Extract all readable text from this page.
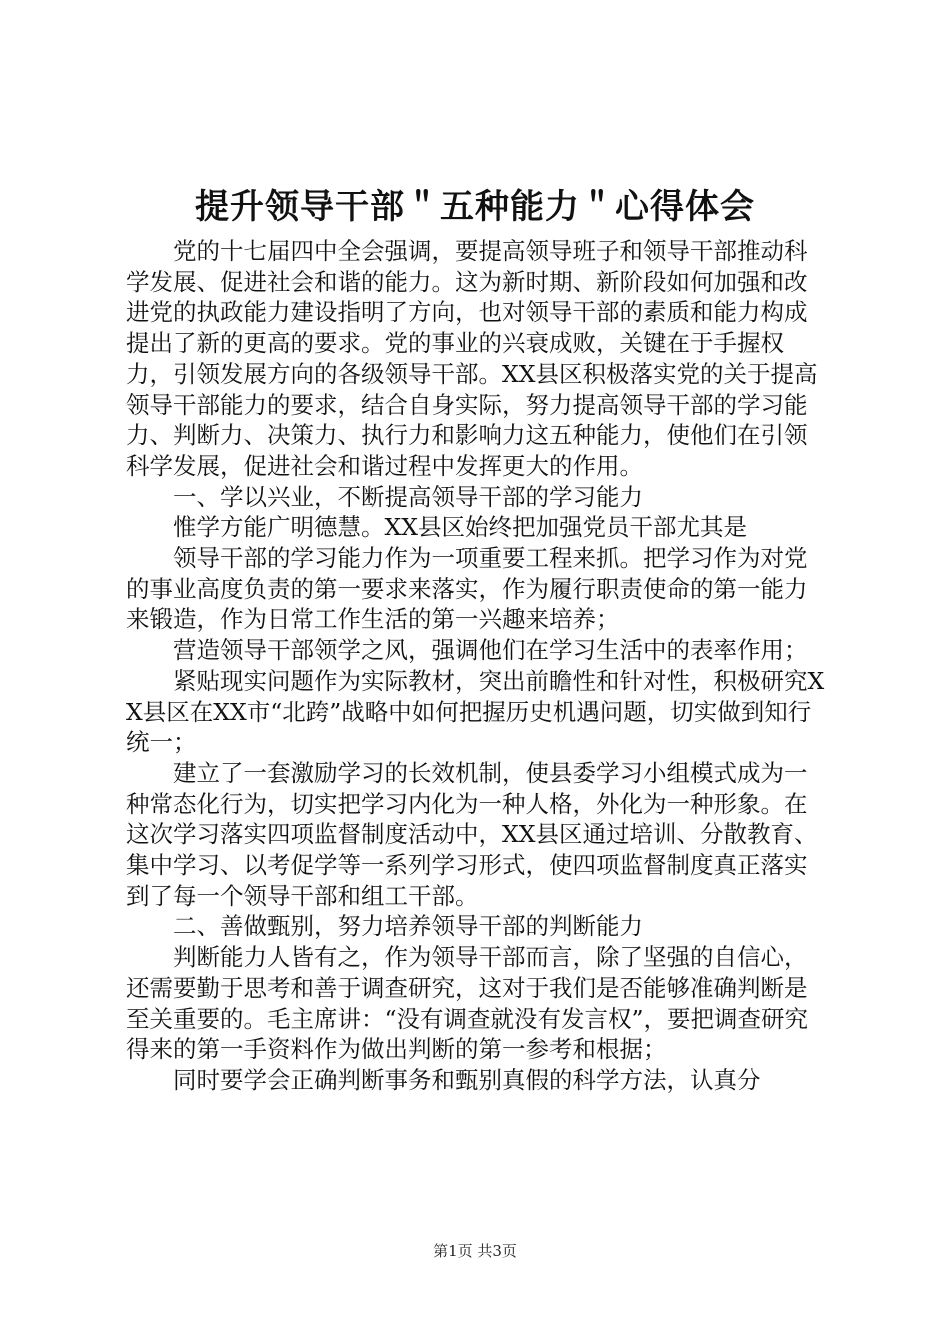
提升领导干部＂五种能力＂心得体会

党的十七届四中全会强调，要提高领导班子和领导干部推动科学发展、促进社会和谐的能力。这为新时期、新阶段如何加强和改进党的执政能力建设指明了方向，也对领导干部的素质和能力构成提出了新的更高的要求。党的事业的兴衰成败，关键在于手握权力，引领发展方向的各级领导干部。XX县区积极落实党的关于提高领导干部能力的要求，结合自身实际，努力提高领导干部的学习能力、判断力、决策力、执行力和影响力这五种能力，使他们在引领科学发展，促进社会和谐过程中发挥更大的作用。

一、学以兴业，不断提高领导干部的学习能力

惟学方能广明德慧。XX县区始终把加强党员干部尤其是

领导干部的学习能力作为一项重要工程来抓。把学习作为对党的事业高度负责的第一要求来落实，作为履行职责使命的第一能力来锻造，作为日常工作生活的第一兴趣来培养；

营造领导干部领学之风，强调他们在学习生活中的表率作用；

紧贴现实问题作为实际教材，突出前瞻性和针对性，积极研究XX县区在XX市“北跨”战略中如何把握历史机遇问题，切实做到知行统一；

建立了一套激励学习的长效机制，使县委学习小组模式成为一种常态化行为，切实把学习内化为一种人格，外化为一种形象。在这次学习落实四项监督制度活动中，XX县区通过培训、分散教育、集中学习、以考促学等一系列学习形式，使四项监督制度真正落实到了每一个领导干部和组工干部。

二、善做甄别，努力培养领导干部的判断能力

判断能力人皆有之，作为领导干部而言，除了坚强的自信心，还需要勤于思考和善于调查研究，这对于我们是否能够准确判断是至关重要的。毛主席讲：“没有调查就没有发言权”，要把调查研究得来的第一手资料作为做出判断的第一参考和根据；

同时要学会正确判断事务和甄别真假的科学方法，认真分

第1页 共3页
